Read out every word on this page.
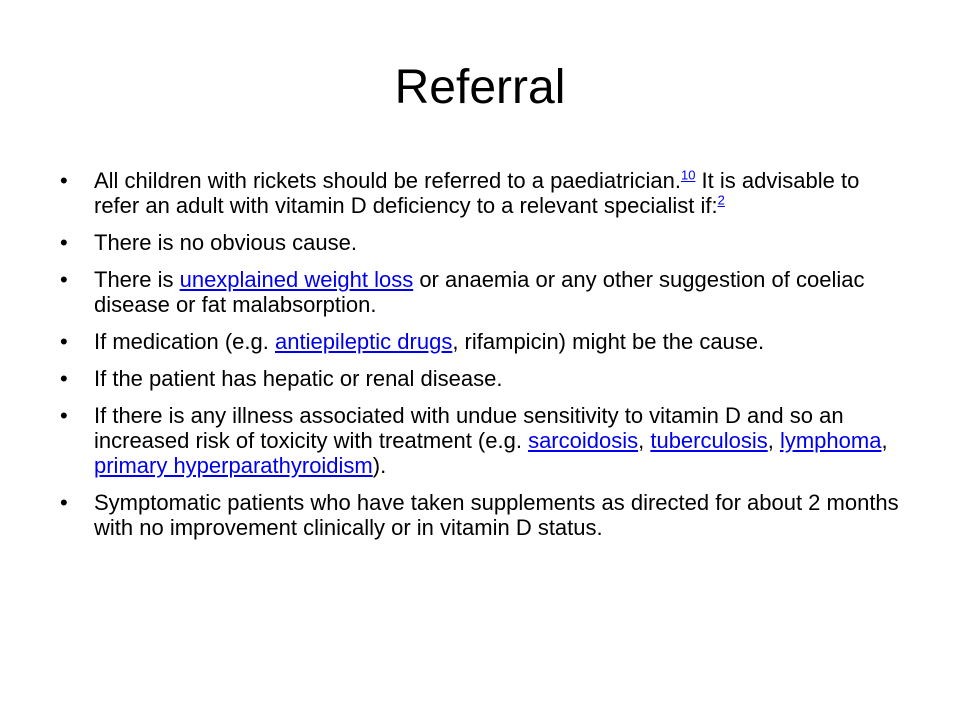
Referral
• All children with rickets should be referred to a paediatrician.$^{10}$ It is advisable to refer an adult with vitamin D deficiency to a relevant specialist if:$^2$
• There is no obvious cause.
• There is unexplained weight loss or anaemia or any other suggestion of coeliac disease or fat malabsorption.
• If medication (e.g. antiepileptic drugs, rifampicin) might be the cause.
• If the patient has hepatic or renal disease.
• If there is any illness associated with undue sensitivity to vitamin D and so an increased risk of toxicity with treatment (e.g. sarcoidosis, tuberculosis, lymphoma, primary hyperparathyroidism).
• Symptomatic patients who have taken supplements as directed for about 2 months with no improvement clinically or in vitamin D status.
